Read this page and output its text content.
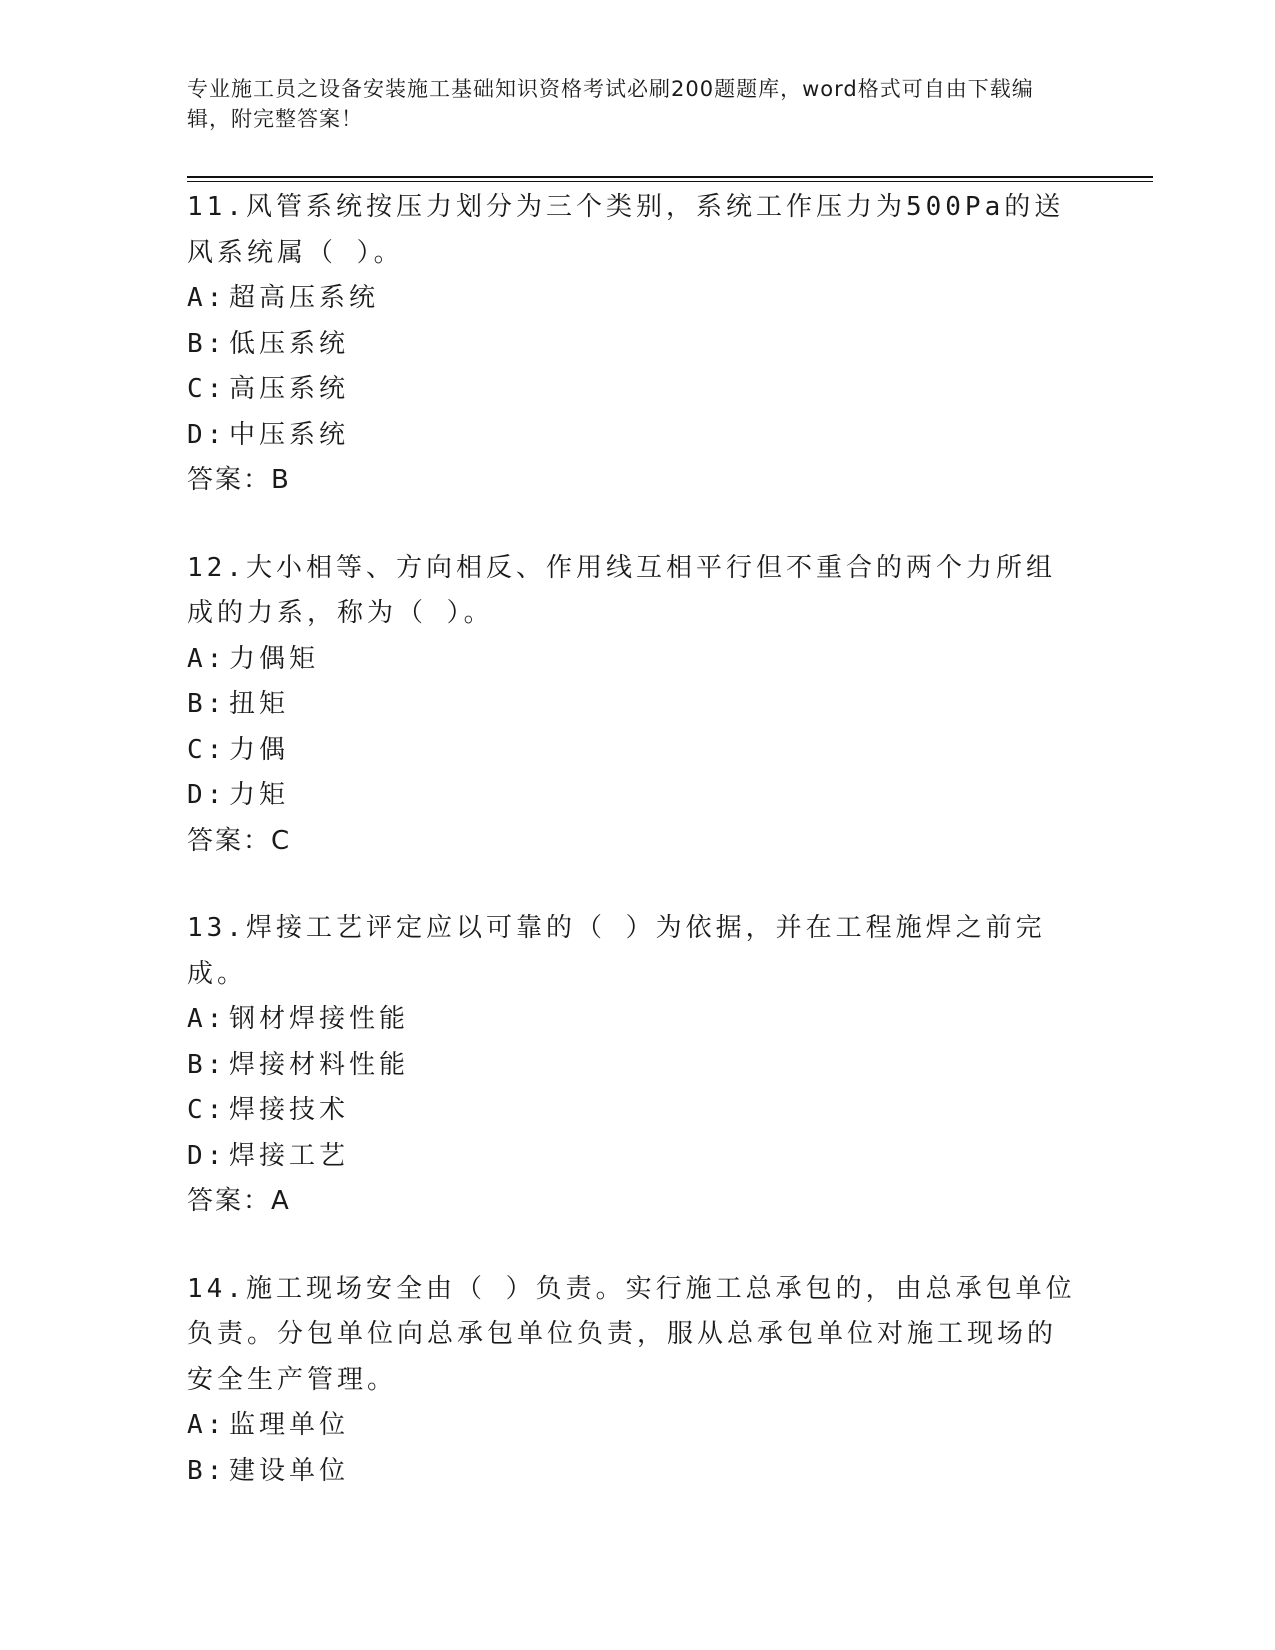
专业施工员之设备安装施工基础知识资格考试必刷200题题库，word格式可自由下载编辑，附完整答案！

11.风管系统按压力划分为三个类别，系统工作压力为500Pa的送风系统属（ ）。

A: 超高压系统

B: 低压系统

C: 高压系统

D: 中压系统

答案：B

12.大小相等、方向相反、作用线互相平行但不重合的两个力所组成的力系，称为（ ）。

A: 力偶矩

B: 扭矩

C: 力偶

D: 力矩

答案：C

13.焊接工艺评定应以可靠的（ ）为依据，并在工程施焊之前完成。

A: 钢材焊接性能

B: 焊接材料性能

C: 焊接技术

D: 焊接工艺

答案：A

14.施工现场安全由（ ）负责。实行施工总承包的，由总承包单位负责。分包单位向总承包单位负责，服从总承包单位对施工现场的安全生产管理。

A: 监理单位

B: 建设单位
